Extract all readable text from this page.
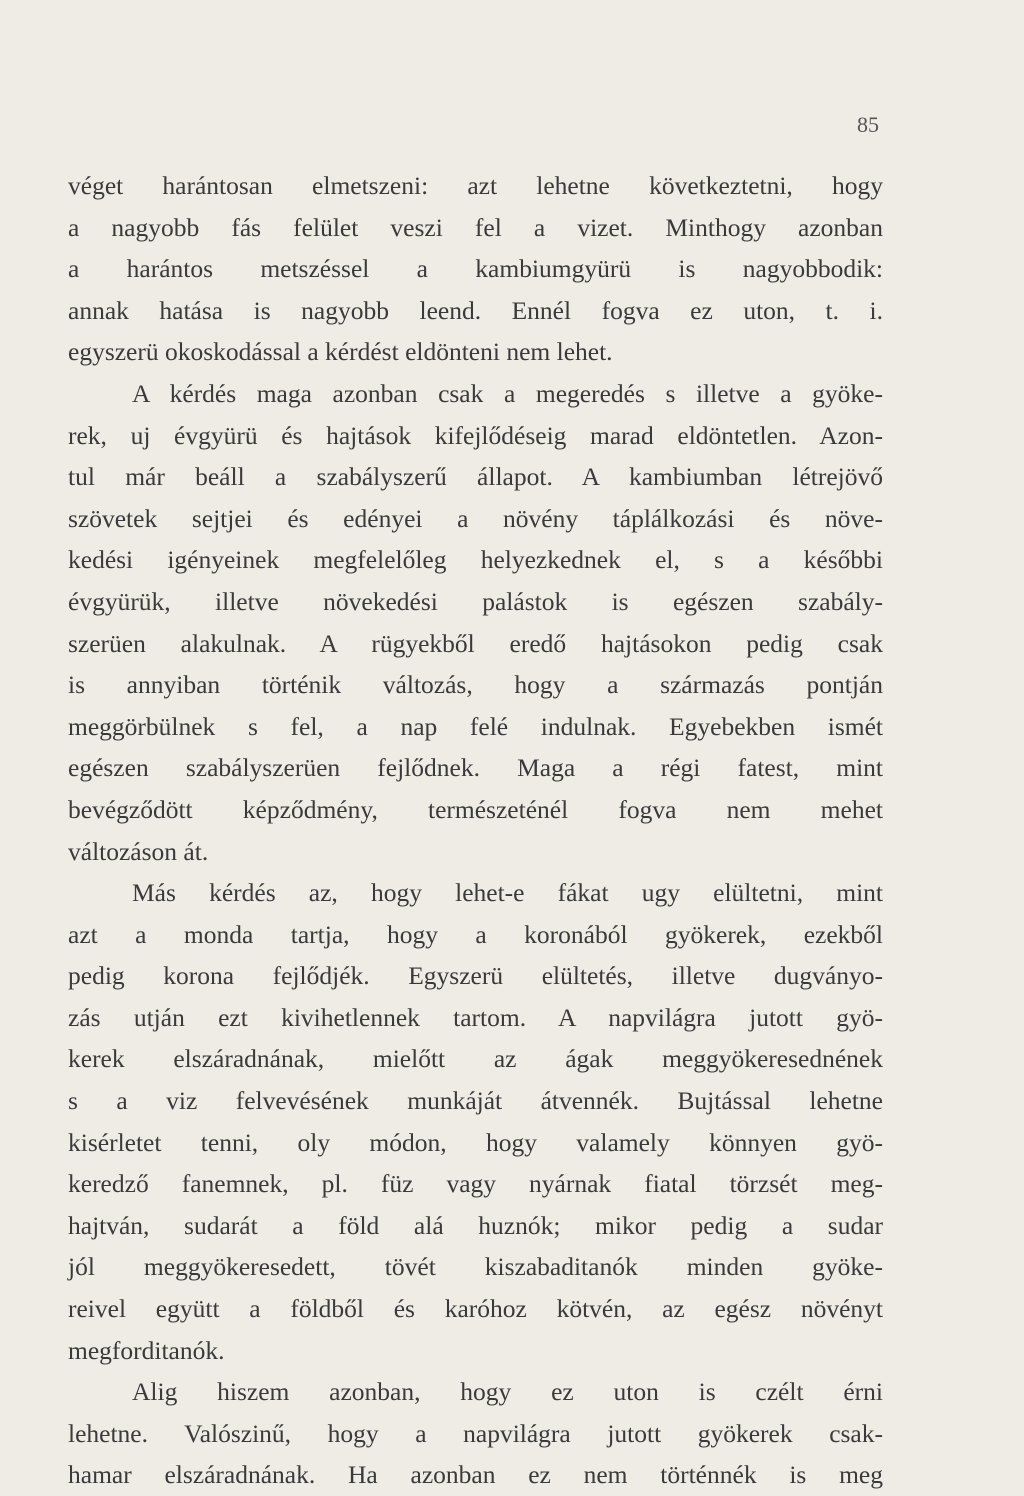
85
véget harántosan elmetszeni: azt lehetne következtetni, hogy
a nagyobb fás felület veszi fel a vizet. Minthogy azonban
a harántos metszéssel a kambiumgyürü is nagyobbodik:
annak hatása is nagyobb leend. Ennél fogva ez uton, t. i.
egyszerü okoskodással a kérdést eldönteni nem lehet.
A kérdés maga azonban csak a megeredés s illetve a gyöke-
rek, uj évgyürü és hajtások kifejlődéseig marad eldöntetlen. Azon-
tul már beáll a szabályszerű állapot. A kambiumban létrejövő
szövetek sejtjei és edényei a növény táplálkozási és növe-
kedési igényeinek megfelelőleg helyezkednek el, s a későbbi
évgyürük, illetve növekedési palástok is egészen szabály-
szerüen alakulnak. A rügyekből eredő hajtásokon pedig csak
is annyiban történik változás, hogy a származás pontján
meggörbülnek s fel, a nap felé indulnak. Egyebekben ismét
egészen szabályszerüen fejlődnek. Maga a régi fatest, mint
bevégződött képződmény, természeténél fogva nem mehet
változáson át.
Más kérdés az, hogy lehet-e fákat ugy elültetni, mint
azt a monda tartja, hogy a koronából gyökerek, ezekből
pedig korona fejlődjék. Egyszerü elültetés, illetve dugványo-
zás utján ezt kivihetlennek tartom. A napvilágra jutott gyö-
kerek elszáradnának, mielőtt az ágak meggyökeresednének
s a viz felvevésének munkáját átvennék. Bujtással lehetne
kisérletet tenni, oly módon, hogy valamely könnyen gyö-
keredző fanemnek, pl. füz vagy nyárnak fiatal törzsét meg-
hajtván, sudarát a föld alá huznók; mikor pedig a sudar
jól meggyökeresedett, tövét kiszabaditanók minden gyöke-
reivel együtt a földből és karóhoz kötvén, az egész növényt
megforditanók.
Alig hiszem azonban, hogy ez uton is czélt érni
lehetne. Valószinű, hogy a napvilágra jutott gyökerek csak-
hamar elszáradnának. Ha azonban ez nem történnék is meg
